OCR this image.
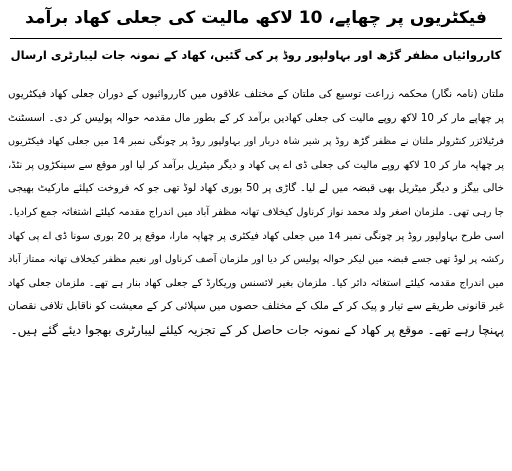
فیکٹریوں پر چھاپے، 10 لاکھ مالیت کی جعلی کھاد برآمد
کارروائیاں مظفر گڑھ اور بہاولپور روڈ پر کی گئیں، کھاد کے نمونہ جات لیبارٹری ارسال
ملتان (نامہ نگار) محکمہ زراعت توسیع کی ملتان کے مختلف علاقوں میں کارروائیوں کے دوران جعلی کھاد فیکٹریوں
پر چھاپے مار کر 10 لاکھ روپے مالیت کی جعلی کھادیں برآمد کر کے بطور مال مقدمہ حوالہ پولیس کر دی۔ اسسٹنٹ
فرٹیلائزر کنٹرولر ملتان نے مظفر گڑھ روڈ پر شیر شاہ دربار اور بہاولپور روڈ پر چونگی نمبر 14 میں جعلی کھاد فیکٹریوں
پر چھاپہ مار کر 10 لاکھ روپے مالیت کی جعلی ڈی اے پی کھاد و دیگر میٹریل برآمد کر لیا اور موقع سے سینکڑوں پر نٹڈ،
خالی بیگز و دیگر میٹریل بھی قبضہ میں لے لیا۔ گاڑی پر 50 بوری کھاد لوڈ تھی جو کہ فروخت کیلئے مارکیٹ بھیجی
جا رہی تھی۔ ملزمان اصغر ولد محمد نواز کرناول کیخلاف تھانہ مظفر آباد میں اندراج مقدمہ کیلئے اشتغاثہ جمع کرادیا۔
اسی طرح بہاولپور روڈ پر چونگی نمبر 14 میں جعلی کھاد فیکٹری پر چھاپہ مارا، موقع پر 20 بوری سونا ڈی اے پی کھاد
رکشہ پر لوڈ تھی جسے قبضہ میں لیکر حوالہ پولیس کر دیا اور ملزمان آصف کرناول اور نعیم مظفر کیخلاف تھانہ ممتاز آباد
میں اندراج مقدمہ کیلئے استغاثہ دائر کیا۔ ملزمان بغیر لائسنس وریکارڈ کے جعلی کھاد بنار ہے تھے۔ ملزمان جعلی کھاد
غیر قانونی طریقے سے تیار و پیک کر کے ملک کے مختلف حصوں میں سپلائی کر کے معیشت کو ناقابل تلافی نقصان
پہنچا رہے تھے۔ موقع پر کھاد کے نمونہ جات حاصل کر کے تجزیہ کیلئے لیبارٹری بھجوا دیئے گئے ہیں۔
